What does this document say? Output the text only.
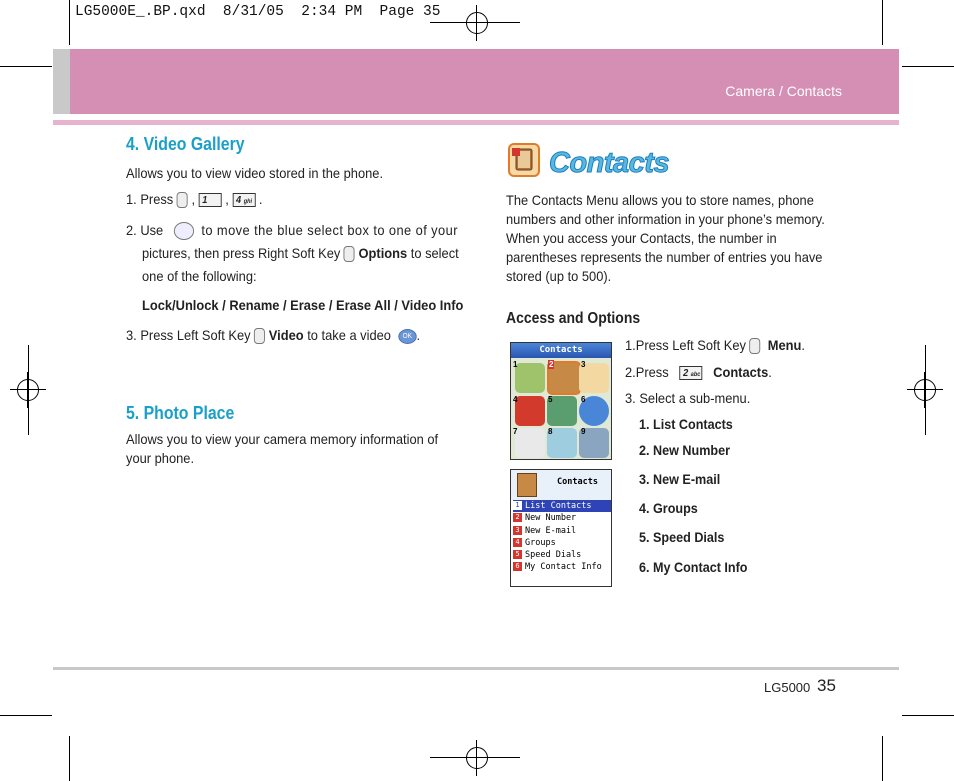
LG5000E_.BP.qxd  8/31/05  2:34 PM  Page 35
Camera / Contacts
4. Video Gallery
Allows you to view video stored in the phone.
1. Press , 1 , 4 ghi .
2. Use	to move the blue select box to one of your
pictures, then press Right Soft Key Options to select
one of the following:
Lock/Unlock / Rename / Erase / Erase All / Video Info
3. Press Left Soft Key Video to take a video OK .
5. Photo Place
Allows you to view your camera memory information of
your phone.
Contacts
The Contacts Menu allows you to store names, phone
numbers and other information in your phone’s memory.
When you access your Contacts, the number in
parentheses represents the number of entries you have
stored (up to 500).
Access and Options
Contacts
1	2	3
4	5	6
7	8	9
Contacts
1 List Contacts
2 New Number
3 New E-mail
4 Groups
5 Speed Dials
6 My Contact Info
1.Press Left Soft Key Menu.
2.Press 2 abc Contacts.
3. Select a sub-menu.
1. List Contacts
2. New Number
3. New E-mail
4. Groups
5. Speed Dials
6. My Contact Info
LG5000 35
